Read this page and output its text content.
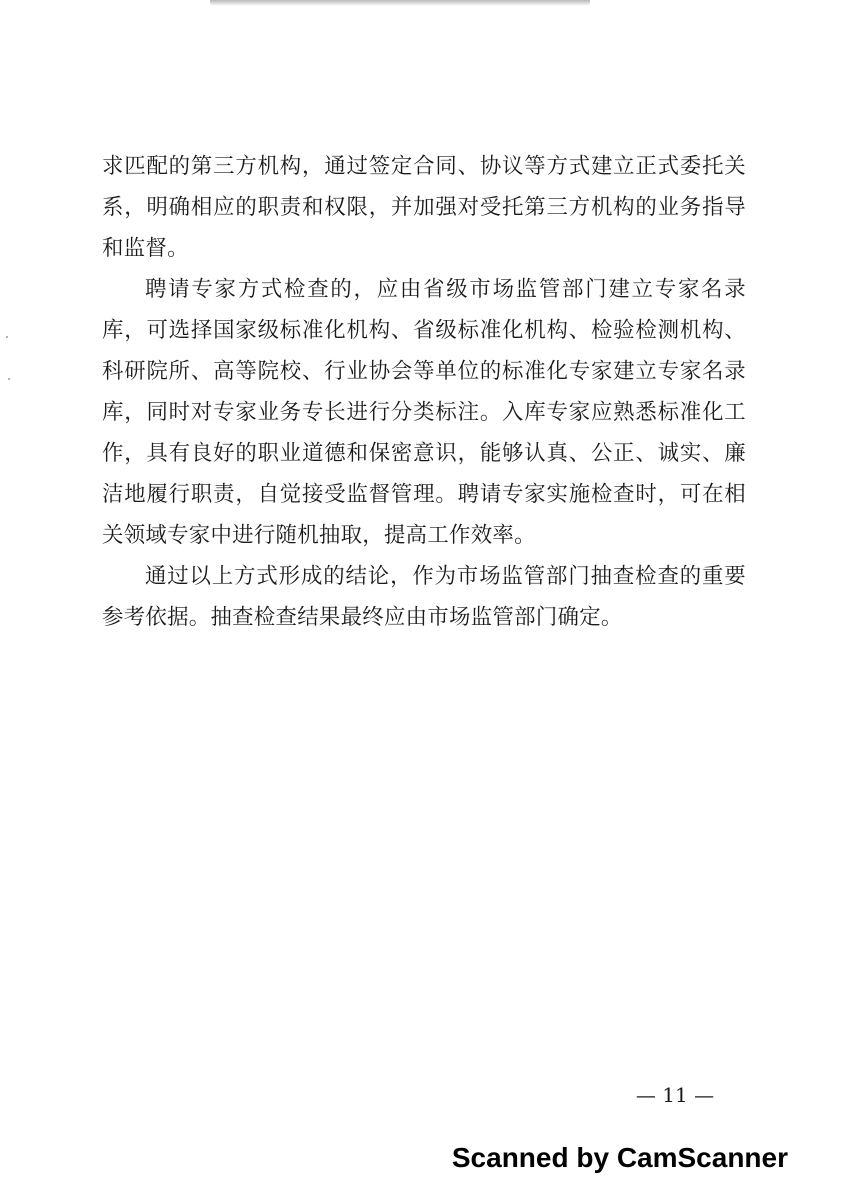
求匹配的第三方机构，通过签定合同、协议等方式建立正式委托关系，明确相应的职责和权限，并加强对受托第三方机构的业务指导和监督。

聘请专家方式检查的，应由省级市场监管部门建立专家名录库，可选择国家级标准化机构、省级标准化机构、检验检测机构、科研院所、高等院校、行业协会等单位的标准化专家建立专家名录库，同时对专家业务专长进行分类标注。入库专家应熟悉标准化工作，具有良好的职业道德和保密意识，能够认真、公正、诚实、廉洁地履行职责，自觉接受监督管理。聘请专家实施检查时，可在相关领域专家中进行随机抽取，提高工作效率。

通过以上方式形成的结论，作为市场监管部门抽查检查的重要参考依据。抽查检查结果最终应由市场监管部门确定。

— 11 —
Scanned by CamScanner
